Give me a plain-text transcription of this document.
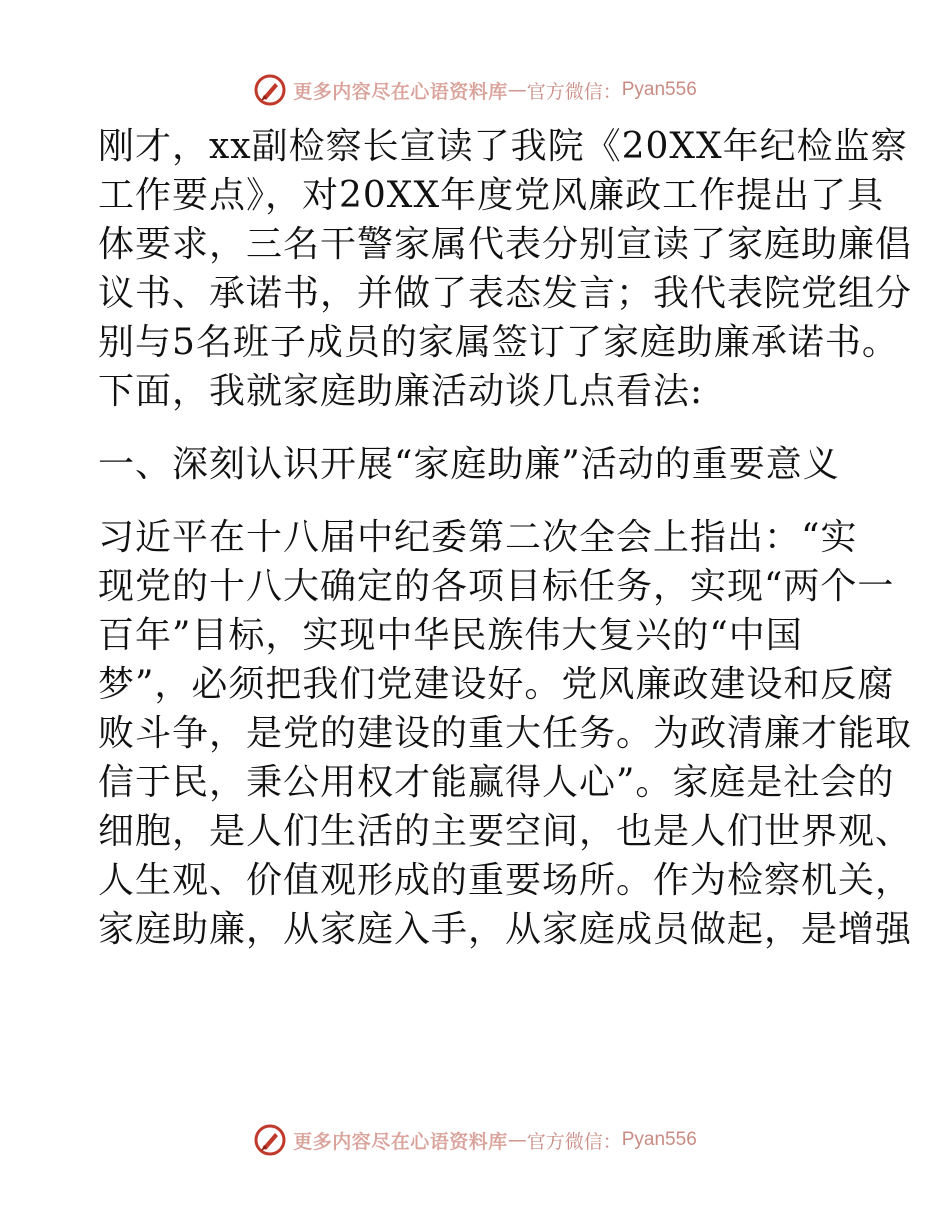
更多内容尽在心语资料库 — 官方微信： Pyan556
刚才，xx副检察长宣读了我院《20XX年纪检监察
工作要点》，对20XX年度党风廉政工作提出了具
体要求，三名干警家属代表分别宣读了家庭助廉倡
议书、承诺书，并做了表态发言；我代表院党组分
别与5名班子成员的家属签订了家庭助廉承诺书。
下面，我就家庭助廉活动谈几点看法:
一、深刻认识开展“家庭助廉”活动的重要意义
习近平在十八届中纪委第二次全会上指出：“实
现党的十八大确定的各项目标任务，实现“两个一
百年”目标，实现中华民族伟大复兴的“中国
梦”，必须把我们党建设好。党风廉政建设和反腐
败斗争，是党的建设的重大任务。为政清廉才能取
信于民，秉公用权才能赢得人心”。家庭是社会的
细胞，是人们生活的主要空间，也是人们世界观、
人生观、价值观形成的重要场所。作为检察机关，
家庭助廉，从家庭入手，从家庭成员做起，是增强
更多内容尽在心语资料库 — 官方微信： Pyan556
